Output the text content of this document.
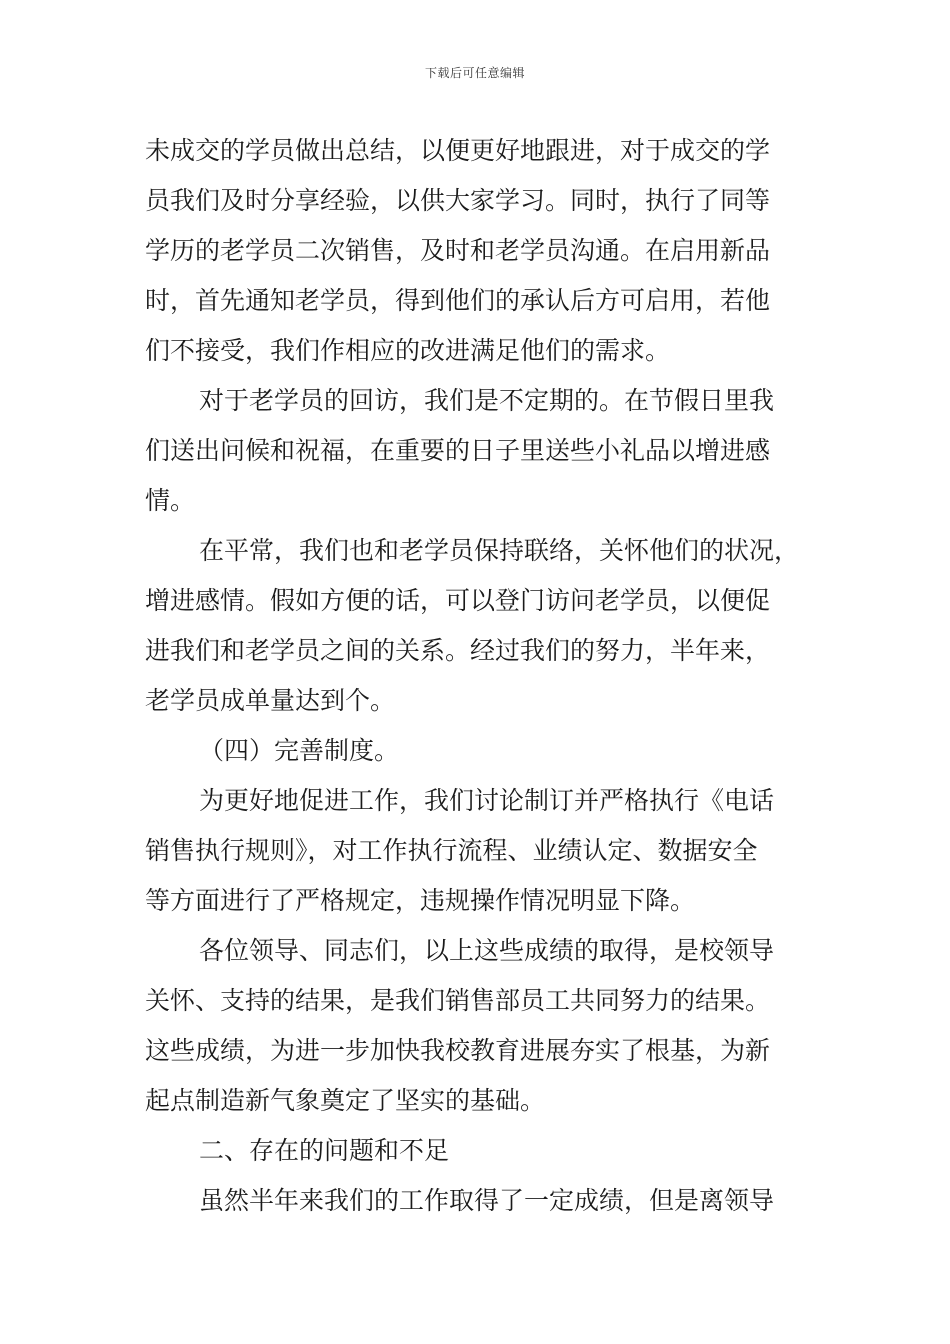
下载后可任意编辑
未成交的学员做出总结，以便更好地跟进，对于成交的学
员我们及时分享经验，以供大家学习。同时，执行了同等
学历的老学员二次销售，及时和老学员沟通。在启用新品
时，首先通知老学员，得到他们的承认后方可启用，若他
们不接受，我们作相应的改进满足他们的需求。
对于老学员的回访，我们是不定期的。在节假日里我
们送出问候和祝福，在重要的日子里送些小礼品以增进感
情。
在平常，我们也和老学员保持联络，关怀他们的状况，
增进感情。假如方便的话，可以登门访问老学员，以便促
进我们和老学员之间的关系。经过我们的努力，半年来，
老学员成单量达到个。
（四）完善制度。
为更好地促进工作，我们讨论制订并严格执行《电话
销售执行规则》，对工作执行流程、业绩认定、数据安全
等方面进行了严格规定，违规操作情况明显下降。
各位领导、同志们，以上这些成绩的取得，是校领导
关怀、支持的结果，是我们销售部员工共同努力的结果。
这些成绩，为进一步加快我校教育进展夯实了根基，为新
起点制造新气象奠定了坚实的基础。
二、存在的问题和不足
虽然半年来我们的工作取得了一定成绩，但是离领导
